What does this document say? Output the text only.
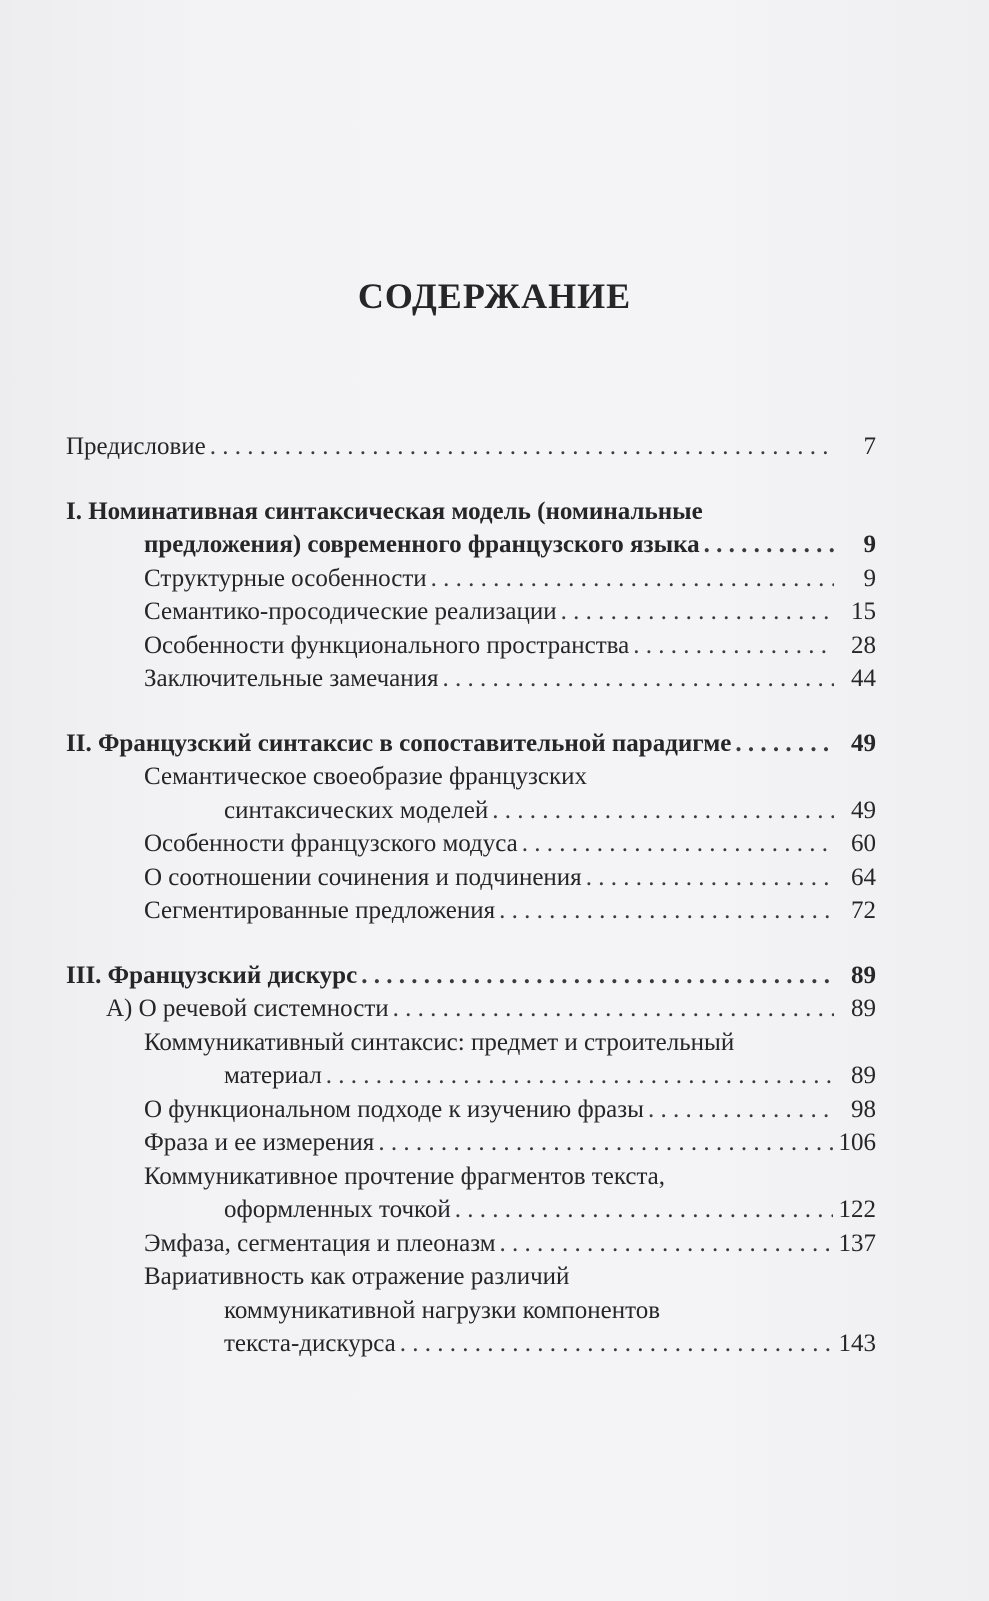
СОДЕРЖАНИЕ
Предисловие . . .	7
I. Номинативная синтаксическая модель (номинальные
предложения) современного французского языка . . .	9
Структурные особенности . . .	9
Семантико-просодические реализации . . .	15
Особенности функционального пространства . . .	28
Заключительные замечания . . .	44
II. Французский синтаксис в сопоставительной парадигме . . .	49
Семантическое своеобразие французских
синтаксических моделей . . .	49
Особенности французского модуса . . .	60
О соотношении сочинения и подчинения . . .	64
Сегментированные предложения . . .	72
III. Французский дискурс . . .	89
А) О речевой системности . . .	89
Коммуникативный синтаксис: предмет и строительный
материал . . .	89
О функциональном подходе к изучению фразы . . .	98
Фраза и ее измерения . . .	106
Коммуникативное прочтение фрагментов текста,
оформленных точкой . . .	122
Эмфаза, сегментация и плеоназм . . .	137
Вариативность как отражение различий
коммуникативной нагрузки компонентов
текста-дискурса . . .	143
